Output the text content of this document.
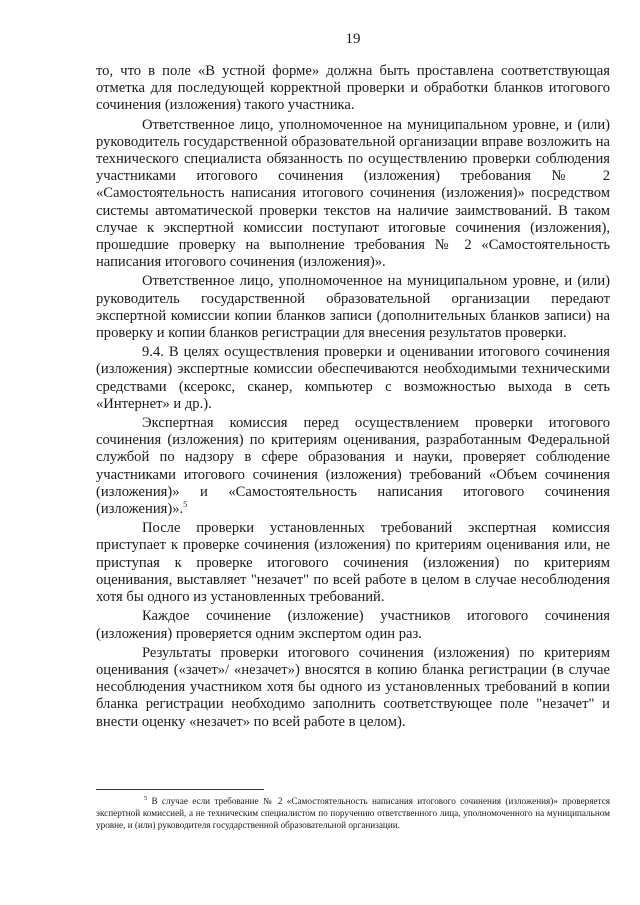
19

то, что в поле «В устной форме» должна быть проставлена соответствующая отметка для последующей корректной проверки и обработки бланков итогового сочинения (изложения) такого участника.

Ответственное лицо, уполномоченное на муниципальном уровне, и (или) руководитель государственной образовательной организации вправе возложить на технического специалиста обязанность по осуществлению проверки соблюдения участниками итогового сочинения (изложения) требования № 2 «Самостоятельность написания итогового сочинения (изложения)» посредством системы автоматической проверки текстов на наличие заимствований. В таком случае к экспертной комиссии поступают итоговые сочинения (изложения), прошедшие проверку на выполнение требования № 2 «Самостоятельность написания итогового сочинения (изложения)».

Ответственное лицо, уполномоченное на муниципальном уровне, и (или) руководитель государственной образовательной организации передают экспертной комиссии копии бланков записи (дополнительных бланков записи) на проверку и копии бланков регистрации для внесения результатов проверки.

9.4. В целях осуществления проверки и оценивании итогового сочинения (изложения) экспертные комиссии обеспечиваются необходимыми техническими средствами (ксерокс, сканер, компьютер с возможностью выхода в сеть «Интернет» и др.).

Экспертная комиссия перед осуществлением проверки итогового сочинения (изложения) по критериям оценивания, разработанным Федеральной службой по надзору в сфере образования и науки, проверяет соблюдение участниками итогового сочинения (изложения) требований «Объем сочинения (изложения)» и «Самостоятельность написания итогового сочинения (изложения)».$^5$

После проверки установленных требований экспертная комиссия приступает к проверке сочинения (изложения) по критериям оценивания или, не приступая к проверке итогового сочинения (изложения) по критериям оценивания, выставляет "незачет" по всей работе в целом в случае несоблюдения хотя бы одного из установленных требований.

Каждое сочинение (изложение) участников итогового сочинения (изложения) проверяется одним экспертом один раз.

Результаты проверки итогового сочинения (изложения) по критериям оценивания («зачет»/ «незачет») вносятся в копию бланка регистрации (в случае несоблюдения участником хотя бы одного из установленных требований в копии бланка регистрации необходимо заполнить соответствующее поле "незачет" и внести оценку «незачет» по всей работе в целом).

$^5$ В случае если требование № 2 «Самостоятельность написания итогового сочинения (изложения)» проверяется экспертной комиссией, а не техническим специалистом по поручению ответственного лица, уполномоченного на муниципальном уровне, и (или) руководителя государственной образовательной организации.
